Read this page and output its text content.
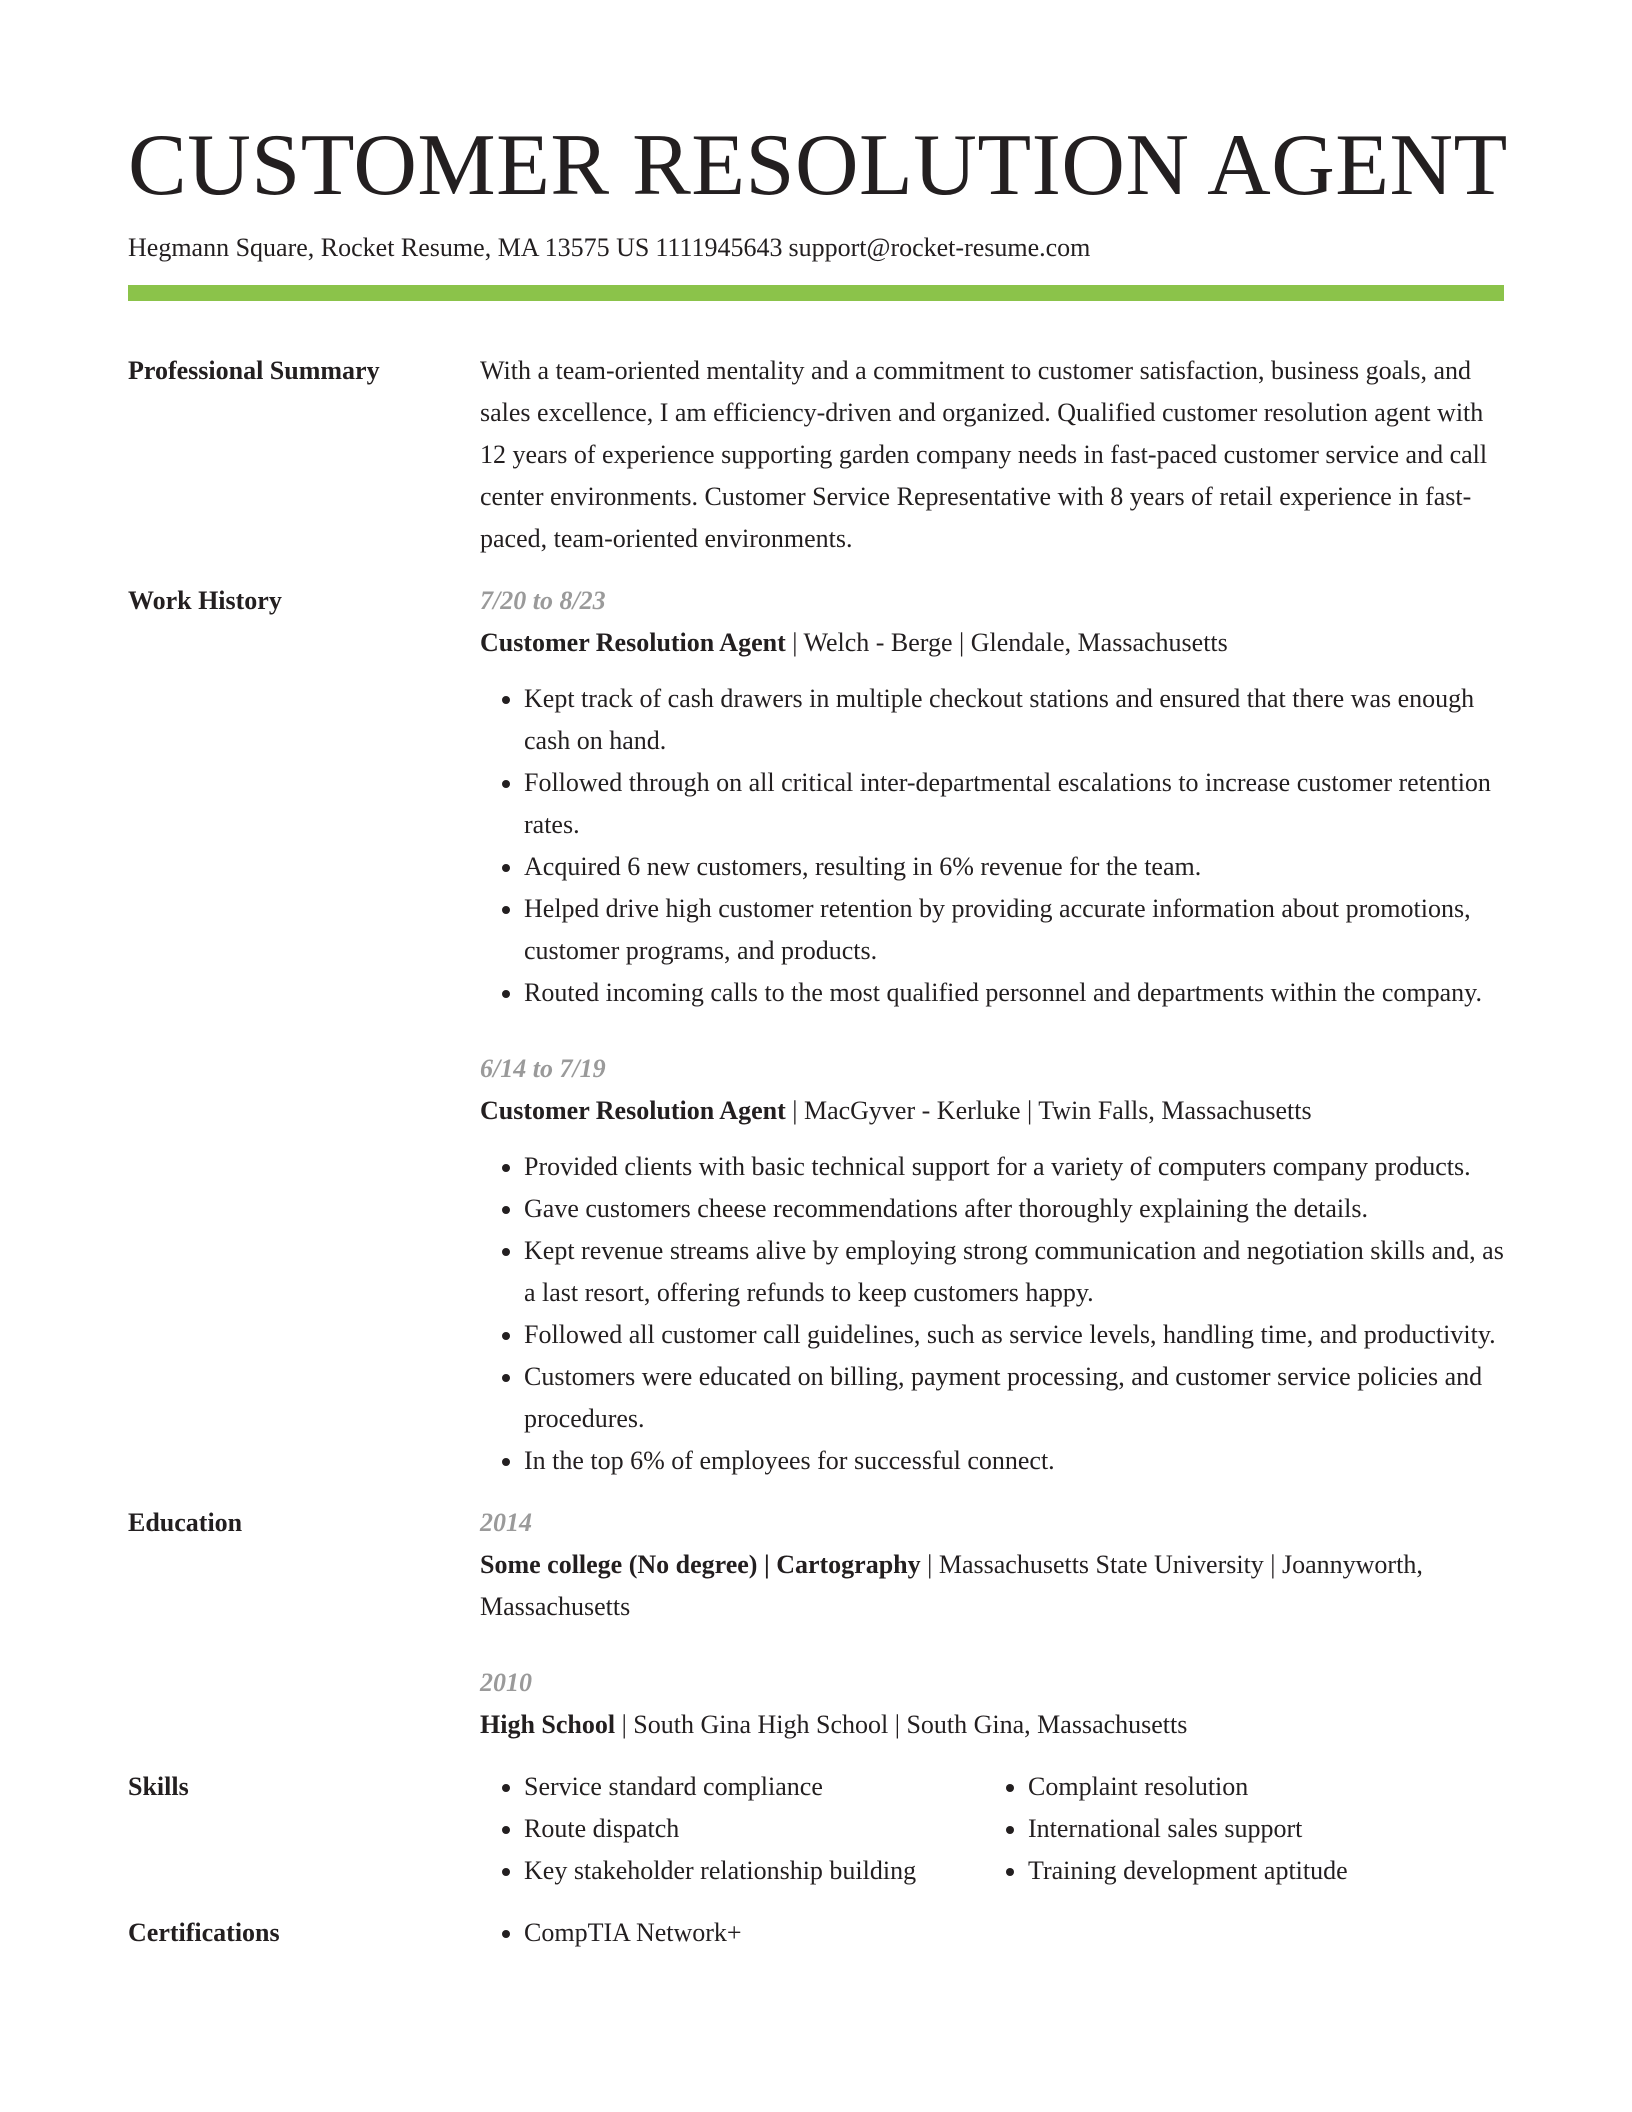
CUSTOMER RESOLUTION AGENT
Hegmann Square, Rocket Resume, MA 13575 US 1111945643 support@rocket-resume.com
Professional Summary	With a team-oriented mentality and a commitment to customer satisfaction, business goals, and sales excellence, I am efficiency-driven and organized. Qualified customer resolution agent with 12 years of experience supporting garden company needs in fast-paced customer service and call center environments. Customer Service Representative with 8 years of retail experience in fast-paced, team-oriented environments.
Work History	7/20 to 8/23
Customer Resolution Agent | Welch - Berge | Glendale, Massachusetts
• Kept track of cash drawers in multiple checkout stations and ensured that there was enough cash on hand.
• Followed through on all critical inter-departmental escalations to increase customer retention rates.
• Acquired 6 new customers, resulting in 6% revenue for the team.
• Helped drive high customer retention by providing accurate information about promotions, customer programs, and products.
• Routed incoming calls to the most qualified personnel and departments within the company.
6/14 to 7/19
Customer Resolution Agent | MacGyver - Kerluke | Twin Falls, Massachusetts
• Provided clients with basic technical support for a variety of computers company products.
• Gave customers cheese recommendations after thoroughly explaining the details.
• Kept revenue streams alive by employing strong communication and negotiation skills and, as a last resort, offering refunds to keep customers happy.
• Followed all customer call guidelines, such as service levels, handling time, and productivity.
• Customers were educated on billing, payment processing, and customer service policies and procedures.
• In the top 6% of employees for successful connect.
Education	2014
Some college (No degree) | Cartography | Massachusetts State University | Joannyworth, Massachusetts
2010
High School | South Gina High School | South Gina, Massachusetts
Skills	• Service standard compliance
• Route dispatch
• Key stakeholder relationship building
• Complaint resolution
• International sales support
• Training development aptitude
Certifications	• CompTIA Network+
